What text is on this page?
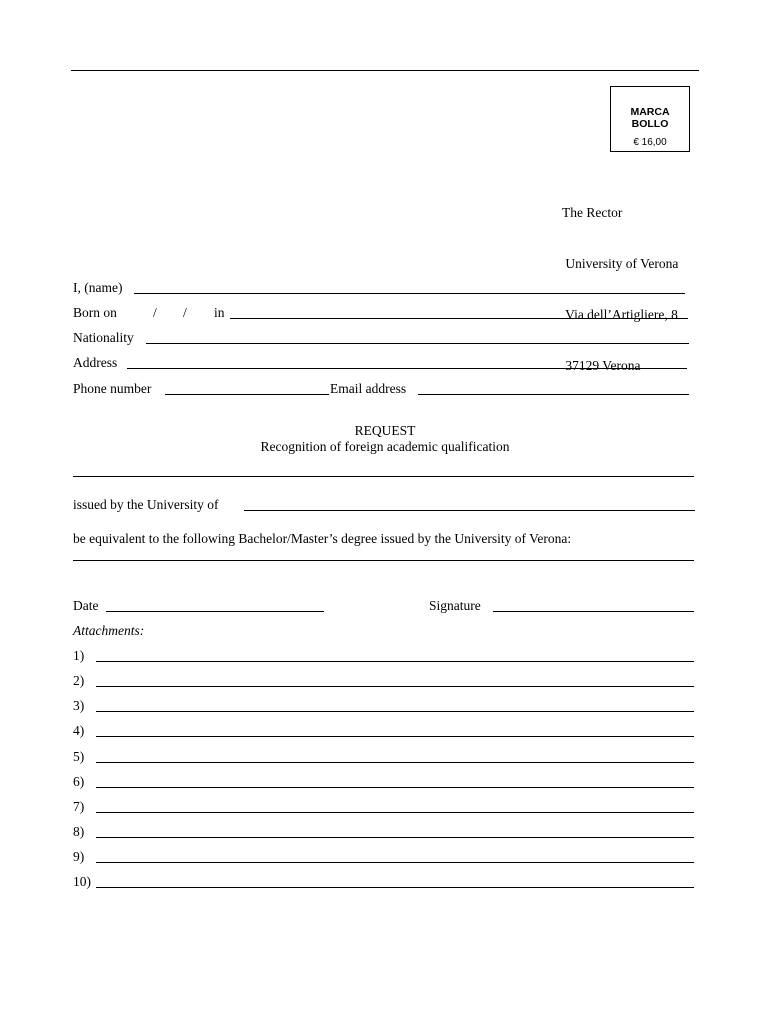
MARCA
BOLLO
€ 16,00

The Rector

University of Verona

Via dell’Artigliere, 8

37129 Verona

I, (name)
Born on	/ / in
Nationality
Address
Phone number	Email address
REQUEST
Recognition of foreign academic qualification
issued by the University of
be equivalent to the following Bachelor/Master’s degree issued by the University of Verona:
Date	Signature
Attachments:
1)
2)
3)
4)
5)
6)
7)
8)
9)
10)
